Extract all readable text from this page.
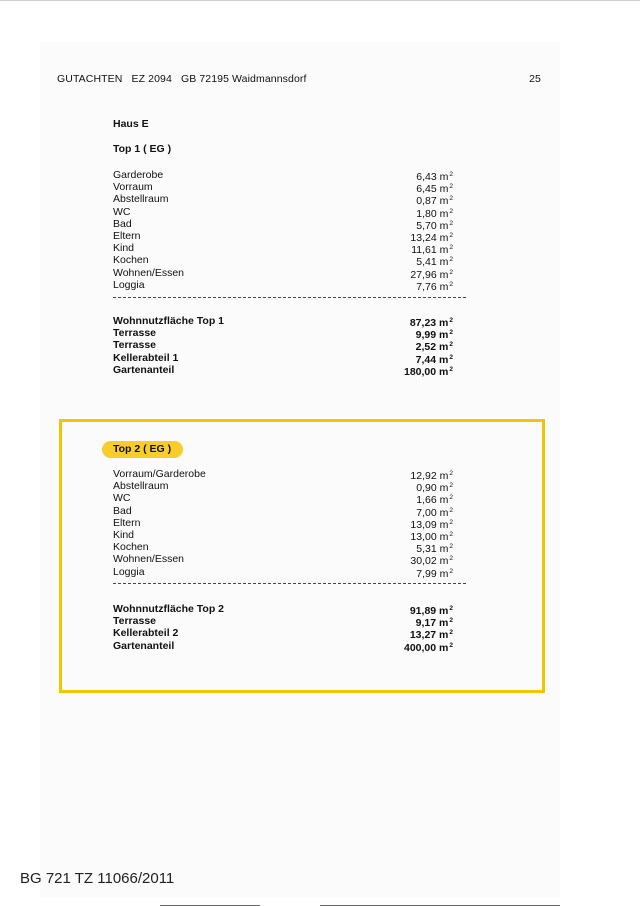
GUTACHTEN   EZ 2094   GB 72195 Waidmannsdorf	25
Haus E
Top 1 ( EG )
Garderobe	6,43 $m^2$
Vorraum	6,45 $m^2$
Abstellraum	0,87 $m^2$
WC	1,80 $m^2$
Bad	5,70 $m^2$
Eltern	13,24 $m^2$
Kind	11,61 $m^2$
Kochen	5,41 $m^2$
Wohnen/Essen	27,96 $m^2$
Loggia	7,76 $m^2$
Wohnnutzfläche Top 1	87,23 $m^2$
Terrasse	9,99 $m^2$
Terrasse	2,52 $m^2$
Kellerabteil 1	7,44 $m^2$
Gartenanteil	180,00 $m^2$
Top 2 ( EG )
Vorraum/Garderobe	12,92 $m^2$
Abstellraum	0,90 $m^2$
WC	1,66 $m^2$
Bad	7,00 $m^2$
Eltern	13,09 $m^2$
Kind	13,00 $m^2$
Kochen	5,31 $m^2$
Wohnen/Essen	30,02 $m^2$
Loggia	7,99 $m^2$
Wohnnutzfläche Top 2	91,89 $m^2$
Terrasse	9,17 $m^2$
Kellerabteil 2	13,27 $m^2$
Gartenanteil	400,00 $m^2$
BG 721 TZ 11066/2011
